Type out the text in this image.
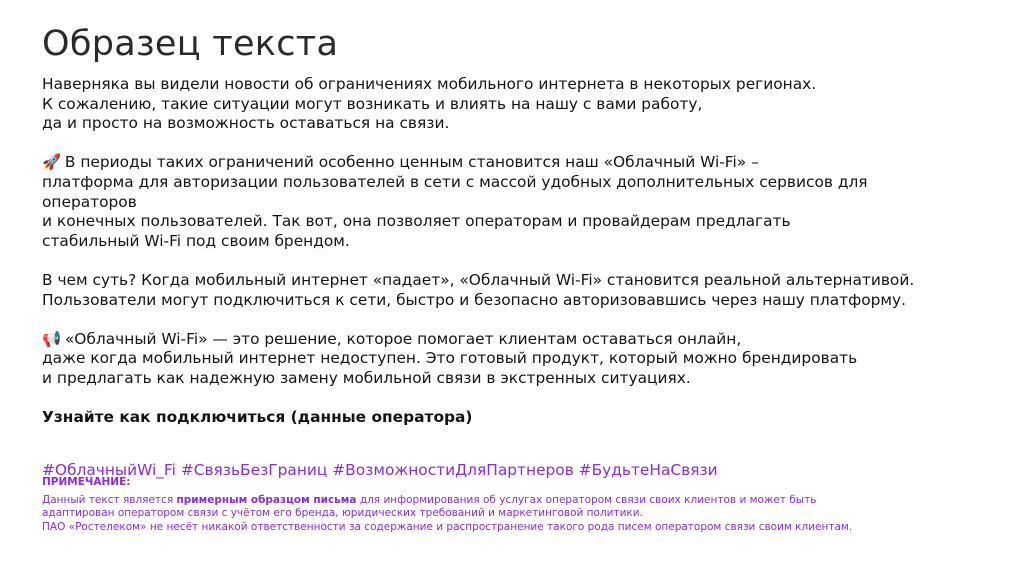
Образец текста
Наверняка вы видели новости об ограничениях мобильного интернета в некоторых регионах.
К сожалению, такие ситуации могут возникать и влиять на нашу с вами работу,
да и просто на возможность оставаться на связи.
🚀 В периоды таких ограничений особенно ценным становится наш «Облачный Wi-Fi» –
платформа для авторизации пользователей в сети с массой удобных дополнительных сервисов для
операторов
и конечных пользователей. Так вот, она позволяет операторам и провайдерам предлагать
стабильный Wi-Fi под своим брендом.
В чем суть? Когда мобильный интернет «падает», «Облачный Wi-Fi» становится реальной альтернативой.
Пользователи могут подключиться к сети, быстро и безопасно авторизовавшись через нашу платформу.
📢 «Облачный Wi-Fi» — это решение, которое помогает клиентам оставаться онлайн,
даже когда мобильный интернет недоступен. Это готовый продукт, который можно брендировать
и предлагать как надежную замену мобильной связи в экстренных ситуациях.
Узнайте как подключиться (данные оператора)
#ОблачныйWi_Fi #СвязьБезГраниц #ВозможностиДляПартнеров #БудьтеНаСвязи
ПРИМЕЧАНИЕ:
Данный текст является примерным образцом письма для информирования об услугах оператором связи своих клиентов и может быть
адаптирован оператором связи с учётом его бренда, юридических требований и маркетинговой политики.
ПАО «Ростелеком» не несёт никакой ответственности за содержание и распространение такого рода писем оператором связи своим клиентам.
